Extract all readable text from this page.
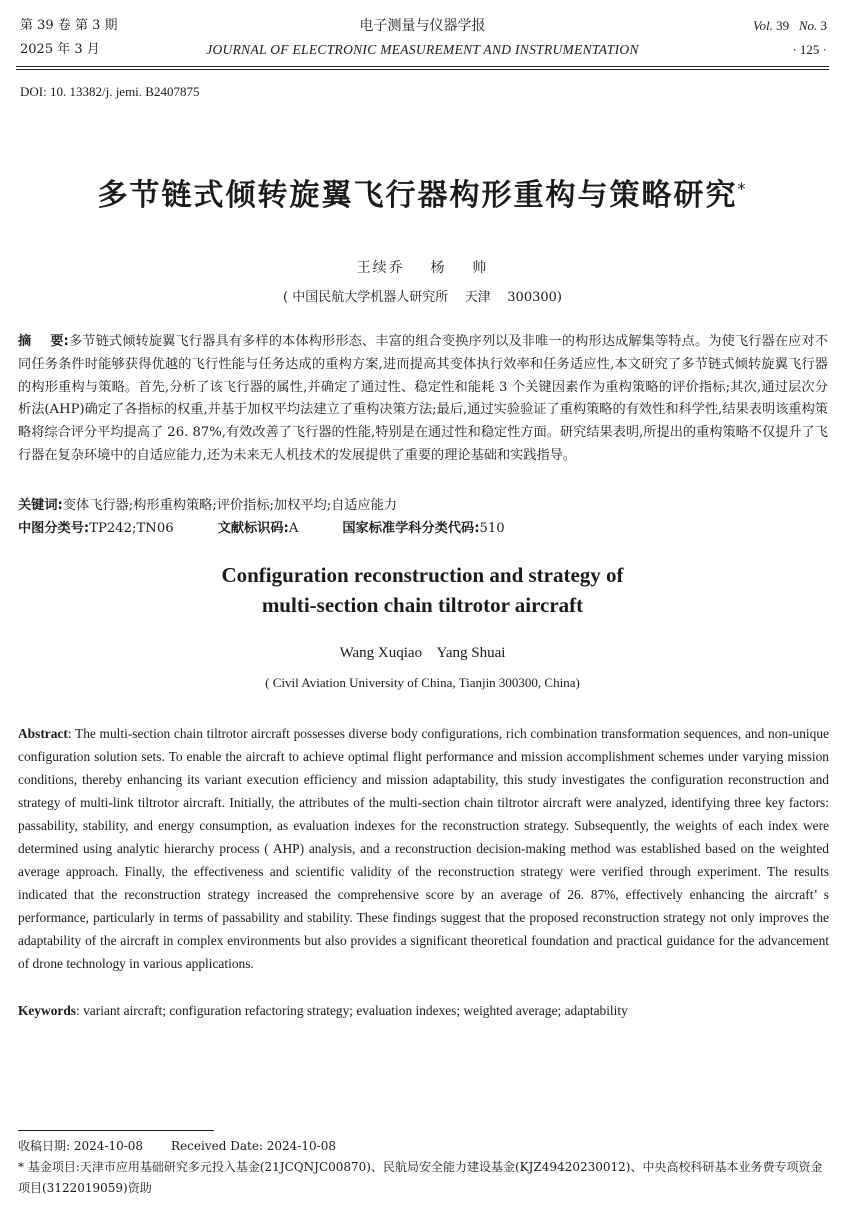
第 39 卷 第 3 期
2025 年 3 月
电子测量与仪器学报
JOURNAL OF ELECTRONIC MEASUREMENT AND INSTRUMENTATION
Vol. 39 No. 3
· 125 ·
DOI: 10. 13382/j. jemi. B2407875
多节链式倾转旋翼飞行器构形重构与策略研究*
王续乔    杨    帅
( 中国民航大学机器人研究所    天津    300300)
摘    要:多节链式倾转旋翼飞行器具有多样的本体构形形态、丰富的组合变换序列以及非唯一的构形达成解集等特点。为使飞行器在应对不同任务条件时能够获得优越的飞行性能与任务达成的重构方案,进而提高其变体执行效率和任务适应性,本文研究了多节链式倾转旋翼飞行器的构形重构与策略。首先,分析了该飞行器的属性,并确定了通过性、稳定性和能耗 3 个关键因素作为重构策略的评价指标;其次,通过层次分析法(AHP)确定了各指标的权重,并基于加权平均法建立了重构决策方法;最后,通过实验验证了重构策略的有效性和科学性,结果表明该重构策略将综合评分平均提高了 26. 87%,有效改善了飞行器的性能,特别是在通过性和稳定性方面。研究结果表明,所提出的重构策略不仅提升了飞行器在复杂环境中的自适应能力,还为未来无人机技术的发展提供了重要的理论基础和实践指导。
关键词:变体飞行器;构形重构策略;评价指标;加权平均;自适应能力
中图分类号:TP242;TN06	文献标识码:A	国家标准学科分类代码:510
Configuration reconstruction and strategy of
multi-section chain tiltrotor aircraft
Wang Xuqiao    Yang Shuai
( Civil Aviation University of China, Tianjin 300300, China)
Abstract: The multi-section chain tiltrotor aircraft possesses diverse body configurations, rich combination transformation sequences, and non-unique configuration solution sets. To enable the aircraft to achieve optimal flight performance and mission accomplishment schemes under varying mission conditions, thereby enhancing its variant execution efficiency and mission adaptability, this study investigates the configuration reconstruction and strategy of multi-link tiltrotor aircraft. Initially, the attributes of the multi-section chain tiltrotor aircraft were analyzed, identifying three key factors: passability, stability, and energy consumption, as evaluation indexes for the reconstruction strategy. Subsequently, the weights of each index were determined using analytic hierarchy process ( AHP) analysis, and a reconstruction decision-making method was established based on the weighted average approach. Finally, the effectiveness and scientific validity of the reconstruction strategy were verified through experiment. The results indicated that the reconstruction strategy increased the comprehensive score by an average of 26. 87%, effectively enhancing the aircraft’ s performance, particularly in terms of passability and stability. These findings suggest that the proposed reconstruction strategy not only improves the adaptability of the aircraft in complex environments but also provides a significant theoretical foundation and practical guidance for the advancement of drone technology in various applications.
Keywords: variant aircraft; configuration refactoring strategy; evaluation indexes; weighted average; adaptability
收稿日期: 2024-10-08 Received Date: 2024-10-08
* 基金项目:天津市应用基础研究多元投入基金(21JCQNJC00870)、民航局安全能力建设基金(KJZ49420230012)、中央高校科研基本业务费专项资金项目(3122019059)资助
